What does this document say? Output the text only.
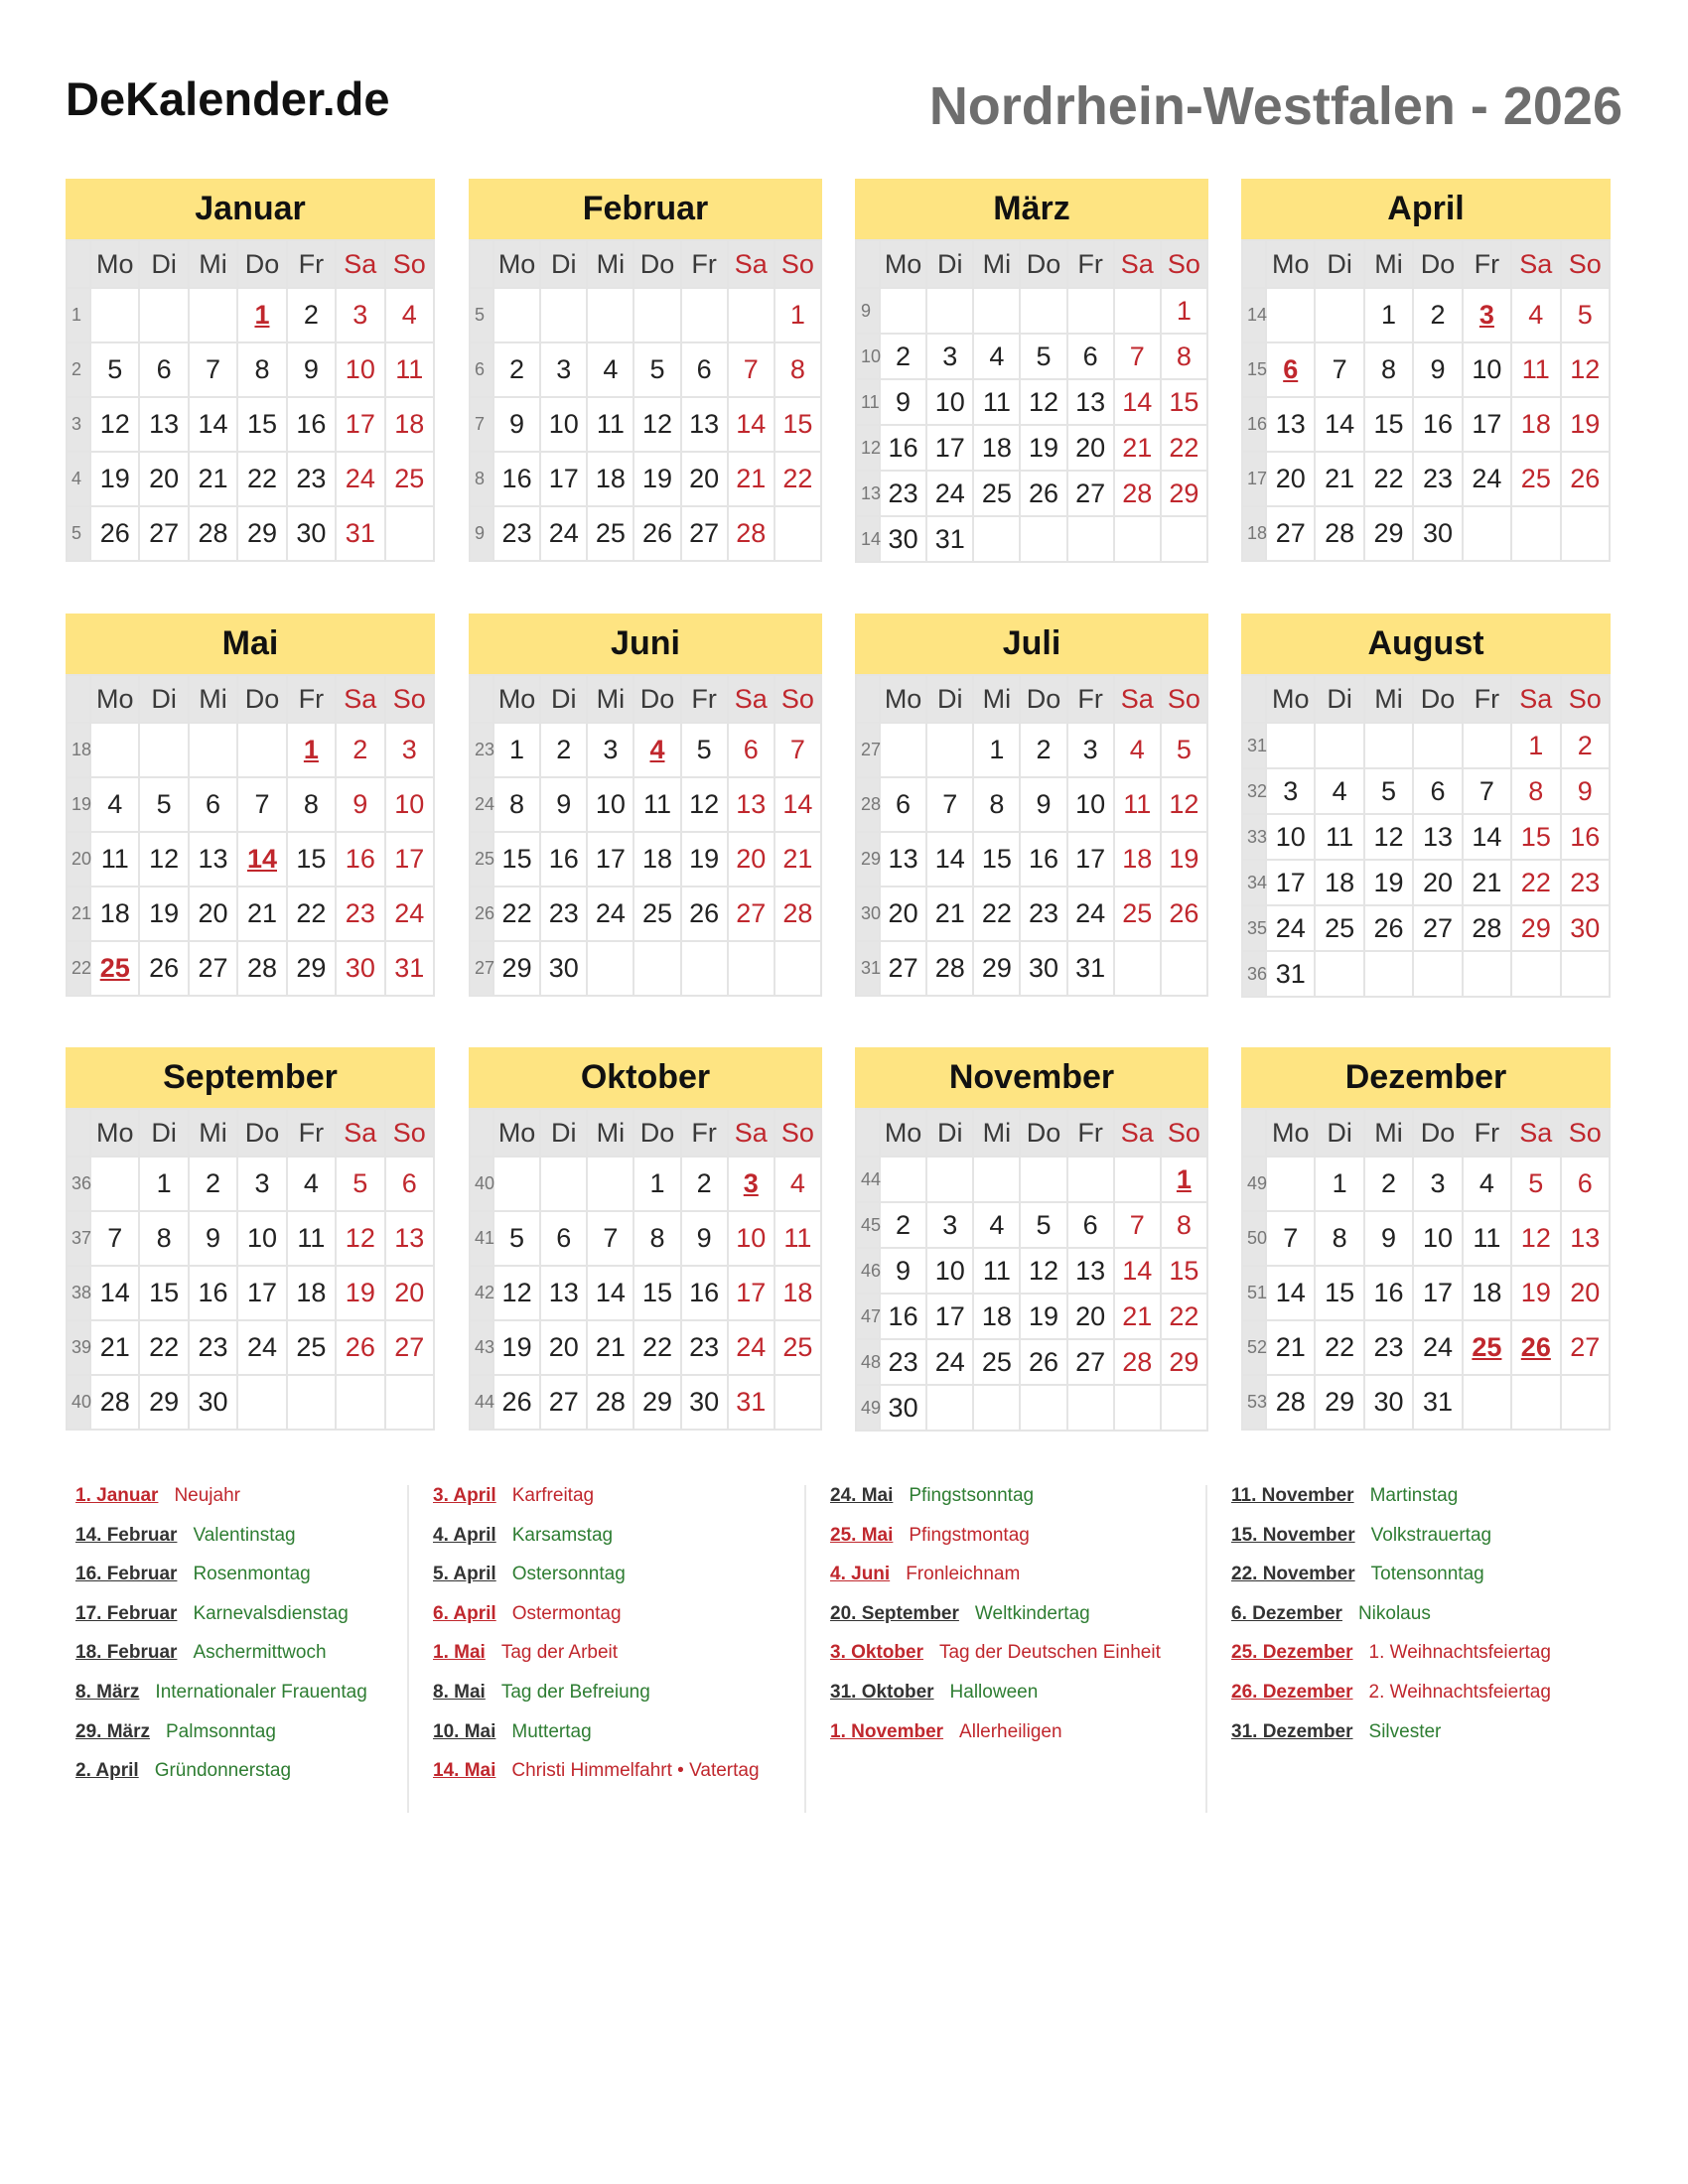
DeKalender.de	Nordrhein-Westfalen - 2026
Januar
	Mo	Di	Mi	Do	Fr	Sa	So
1				1	2	3	4
2	5	6	7	8	9	10	11
3	12	13	14	15	16	17	18
4	19	20	21	22	23	24	25
5	26	27	28	29	30	31	
Februar
	Mo	Di	Mi	Do	Fr	Sa	So
5							1
6	2	3	4	5	6	7	8
7	9	10	11	12	13	14	15
8	16	17	18	19	20	21	22
9	23	24	25	26	27	28	
März
	Mo	Di	Mi	Do	Fr	Sa	So
9							1
10	2	3	4	5	6	7	8
11	9	10	11	12	13	14	15
12	16	17	18	19	20	21	22
13	23	24	25	26	27	28	29
14	30	31					
April
	Mo	Di	Mi	Do	Fr	Sa	So
14			1	2	3	4	5
15	6	7	8	9	10	11	12
16	13	14	15	16	17	18	19
17	20	21	22	23	24	25	26
18	27	28	29	30			
Mai
	Mo	Di	Mi	Do	Fr	Sa	So
18					1	2	3
19	4	5	6	7	8	9	10
20	11	12	13	14	15	16	17
21	18	19	20	21	22	23	24
22	25	26	27	28	29	30	31
Juni
	Mo	Di	Mi	Do	Fr	Sa	So
23	1	2	3	4	5	6	7
24	8	9	10	11	12	13	14
25	15	16	17	18	19	20	21
26	22	23	24	25	26	27	28
27	29	30					
Juli
	Mo	Di	Mi	Do	Fr	Sa	So
27			1	2	3	4	5
28	6	7	8	9	10	11	12
29	13	14	15	16	17	18	19
30	20	21	22	23	24	25	26
31	27	28	29	30	31		
August
	Mo	Di	Mi	Do	Fr	Sa	So
31						1	2
32	3	4	5	6	7	8	9
33	10	11	12	13	14	15	16
34	17	18	19	20	21	22	23
35	24	25	26	27	28	29	30
36	31						
September
	Mo	Di	Mi	Do	Fr	Sa	So
36		1	2	3	4	5	6
37	7	8	9	10	11	12	13
38	14	15	16	17	18	19	20
39	21	22	23	24	25	26	27
40	28	29	30				
Oktober
	Mo	Di	Mi	Do	Fr	Sa	So
40				1	2	3	4
41	5	6	7	8	9	10	11
42	12	13	14	15	16	17	18
43	19	20	21	22	23	24	25
44	26	27	28	29	30	31	
November
	Mo	Di	Mi	Do	Fr	Sa	So
44							1
45	2	3	4	5	6	7	8
46	9	10	11	12	13	14	15
47	16	17	18	19	20	21	22
48	23	24	25	26	27	28	29
49	30						
Dezember
	Mo	Di	Mi	Do	Fr	Sa	So
49		1	2	3	4	5	6
50	7	8	9	10	11	12	13
51	14	15	16	17	18	19	20
52	21	22	23	24	25	26	27
53	28	29	30	31			
1. Januar Neujahr
14. Februar Valentinstag
16. Februar Rosenmontag
17. Februar Karnevalsdienstag
18. Februar Aschermittwoch
8. März Internationaler Frauentag
29. März Palmsonntag
2. April Gründonnerstag
3. April Karfreitag
4. April Karsamstag
5. April Ostersonntag
6. April Ostermontag
1. Mai Tag der Arbeit
8. Mai Tag der Befreiung
10. Mai Muttertag
14. Mai Christi Himmelfahrt • Vatertag
24. Mai Pfingstsonntag
25. Mai Pfingstmontag
4. Juni Fronleichnam
20. September Weltkindertag
3. Oktober Tag der Deutschen Einheit
31. Oktober Halloween
1. November Allerheiligen
11. November Martinstag
15. November Volkstrauertag
22. November Totensonntag
6. Dezember Nikolaus
25. Dezember 1. Weihnachtsfeiertag
26. Dezember 2. Weihnachtsfeiertag
31. Dezember Silvester
